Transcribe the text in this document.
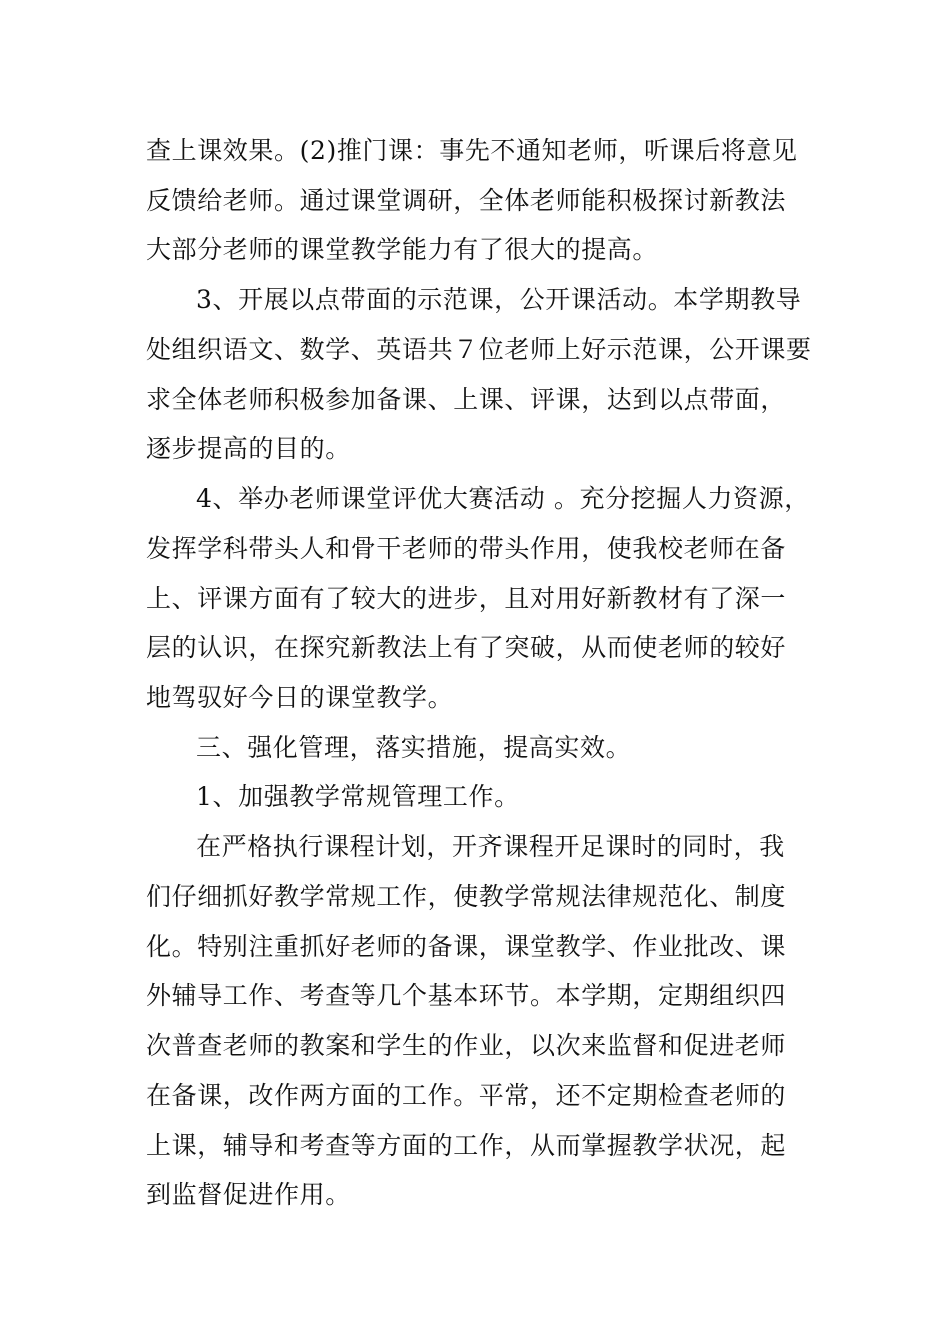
查上课效果。(2)推门课：事先不通知老师，听课后将意见
反馈给老师。通过课堂调研，全体老师能积极探讨新教法
大部分老师的课堂教学能力有了很大的提高。
3、开展以点带面的示范课，公开课活动。本学期教导
处组织语文、数学、英语共７位老师上好示范课，公开课要
求全体老师积极参加备课、上课、评课，达到以点带面，
逐步提高的目的。
4、举办老师课堂评优大赛活动 。充分挖掘人力资源，
发挥学科带头人和骨干老师的带头作用，使我校老师在备
上、评课方面有了较大的进步，且对用好新教材有了深一
层的认识，在探究新教法上有了突破，从而使老师的较好
地驾驭好今日的课堂教学。
三、强化管理，落实措施，提高实效。
1、加强教学常规管理工作。
在严格执行课程计划，开齐课程开足课时的同时，我
们仔细抓好教学常规工作，使教学常规法律规范化、制度
化。特别注重抓好老师的备课，课堂教学、作业批改、课
外辅导工作、考查等几个基本环节。本学期，定期组织四
次普查老师的教案和学生的作业，以次来监督和促进老师
在备课，改作两方面的工作。平常，还不定期检查老师的
上课，辅导和考查等方面的工作，从而掌握教学状况，起
到监督促进作用。
